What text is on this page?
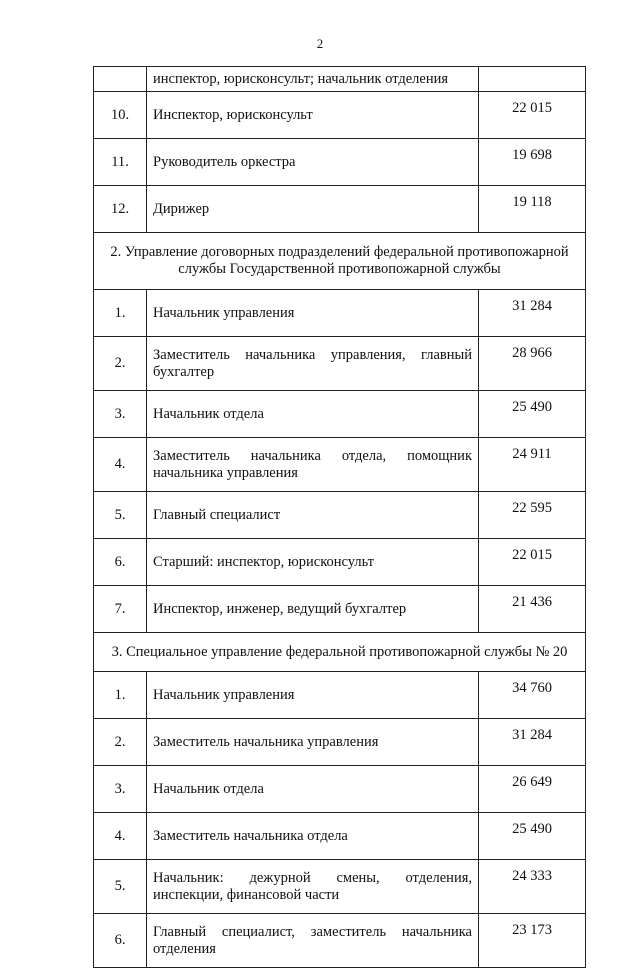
2
	инспектор, юрисконсульт; начальник отделения	
10.	Инспектор, юрисконсульт	22 015
11.	Руководитель оркестра	19 698
12.	Дирижер	19 118
2. Управление договорных подразделений федеральной противопожарной службы Государственной противопожарной службы		
1.	Начальник управления	31 284
2.	Заместитель начальника управления, главный бухгалтер	28 966
3.	Начальник отдела	25 490
4.	Заместитель начальника отдела, помощник начальника управления	24 911
5.	Главный специалист	22 595
6.	Старший: инспектор, юрисконсульт	22 015
7.	Инспектор, инженер, ведущий бухгалтер	21 436
3. Специальное управление федеральной противопожарной службы № 20		
1.	Начальник управления	34 760
2.	Заместитель начальника управления	31 284
3.	Начальник отдела	26 649
4.	Заместитель начальника отдела	25 490
5.	Начальник: дежурной смены, отделения, инспекции, финансовой части	24 333
6.	Главный специалист, заместитель начальника отделения	23 173
